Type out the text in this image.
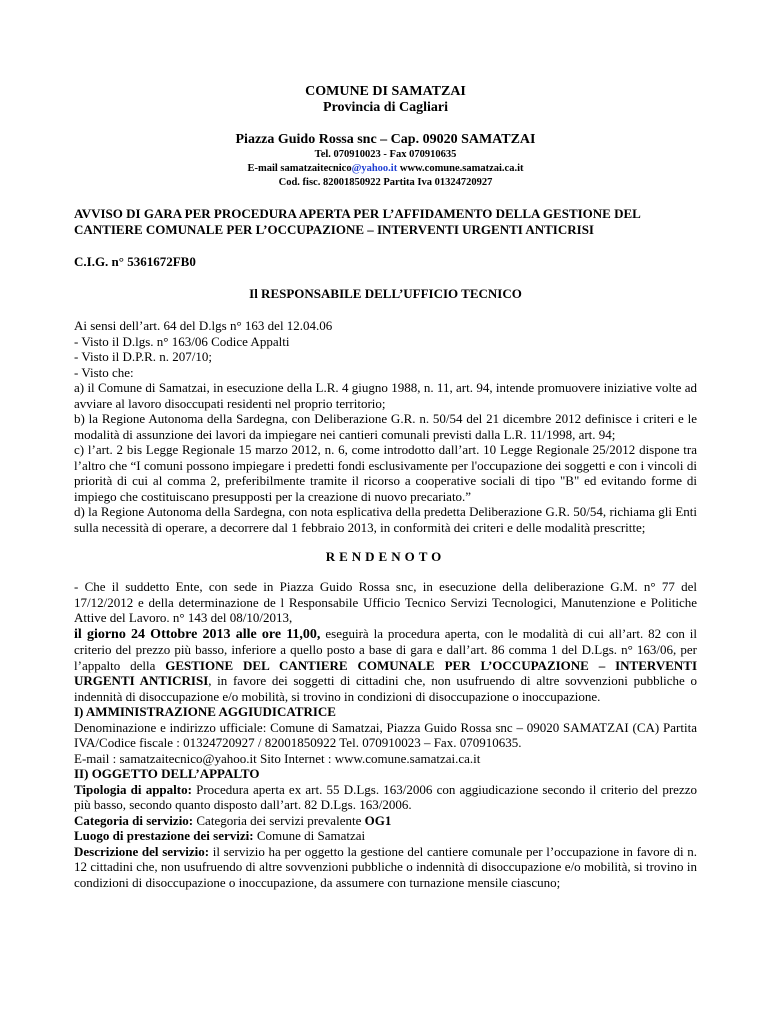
COMUNE DI SAMATZAI
Provincia di Cagliari
Piazza Guido Rossa snc – Cap. 09020 SAMATZAI
Tel. 070910023 - Fax 070910635
E-mail samatzaitecnico@yahoo.it www.comune.samatzai.ca.it
Cod. fisc. 82001850922 Partita Iva 01324720927
AVVISO DI GARA PER PROCEDURA APERTA PER L’AFFIDAMENTO DELLA GESTIONE DEL CANTIERE COMUNALE PER L’OCCUPAZIONE – INTERVENTI URGENTI ANTICRISI
C.I.G. n° 5361672FB0
Il RESPONSABILE DELL’UFFICIO TECNICO

Ai sensi dell’art. 64 del D.lgs n° 163 del 12.04.06

- Visto il D.lgs. n° 163/06 Codice Appalti

- Visto il D.P.R. n. 207/10;

- Visto che:

a) il Comune di Samatzai, in esecuzione della L.R. 4 giugno 1988, n. 11, art. 94, intende promuovere iniziative volte ad avviare al lavoro disoccupati residenti nel proprio territorio;

b) la Regione Autonoma della Sardegna, con Deliberazione G.R. n. 50/54 del 21 dicembre 2012 definisce i criteri e le modalità di assunzione dei lavori da impiegare nei cantieri comunali previsti dalla L.R. 11/1998, art. 94;

c) l’art. 2 bis Legge Regionale 15 marzo 2012, n. 6, come introdotto dall’art. 10 Legge Regionale 25/2012 dispone tra l’altro che “I comuni possono impiegare i predetti fondi esclusivamente per l'occupazione dei soggetti e con i vincoli di priorità di cui al comma 2, preferibilmente tramite il ricorso a cooperative sociali di tipo "B" ed evitando forme di impiego che costituiscano presupposti per la creazione di nuovo precariato.”

d) la Regione Autonoma della Sardegna, con nota esplicativa della predetta Deliberazione G.R. 50/54, richiama gli Enti sulla necessità di operare, a decorrere dal 1 febbraio 2013, in conformità dei criteri e delle modalità prescritte;

RENDENOTO

- Che il suddetto Ente, con sede in Piazza Guido Rossa snc, in esecuzione della deliberazione G.M. n° 77 del 17/12/2012 e della determinazione de l Responsabile Ufficio Tecnico Servizi Tecnologici, Manutenzione e Politiche Attive del Lavoro. n° 143 del 08/10/2013,

il giorno 24 Ottobre 2013 alle ore 11,00, eseguirà la procedura aperta, con le modalità di cui all’art. 82 con il criterio del prezzo più basso, inferiore a quello posto a base di gara e dall’art. 86 comma 1 del D.Lgs. n° 163/06, per l’appalto della GESTIONE DEL CANTIERE COMUNALE PER L’OCCUPAZIONE – INTERVENTI URGENTI ANTICRISI, in favore dei soggetti di cittadini che, non usufruendo di altre sovvenzioni pubbliche o indennità di disoccupazione e/o mobilità, si trovino in condizioni di disoccupazione o inoccupazione.

I) AMMINISTRAZIONE AGGIUDICATRICE

Denominazione e indirizzo ufficiale: Comune di Samatzai, Piazza Guido Rossa snc – 09020 SAMATZAI (CA) Partita IVA/Codice fiscale : 01324720927 / 82001850922 Tel. 070910023 – Fax. 070910635.

E-mail : samatzaitecnico@yahoo.it Sito Internet : www.comune.samatzai.ca.it

II) OGGETTO DELL’APPALTO

Tipologia di appalto: Procedura aperta ex art. 55 D.Lgs. 163/2006 con aggiudicazione secondo il criterio del prezzo più basso, secondo quanto disposto dall’art. 82 D.Lgs. 163/2006.

Categoria di servizio: Categoria dei servizi prevalente OG1

Luogo di prestazione dei servizi: Comune di Samatzai

Descrizione del servizio: il servizio ha per oggetto la gestione del cantiere comunale per l’occupazione in favore di n. 12 cittadini che, non usufruendo di altre sovvenzioni pubbliche o indennità di disoccupazione e/o mobilità, si trovino in condizioni di disoccupazione o inoccupazione, da assumere con turnazione mensile ciascuno;
